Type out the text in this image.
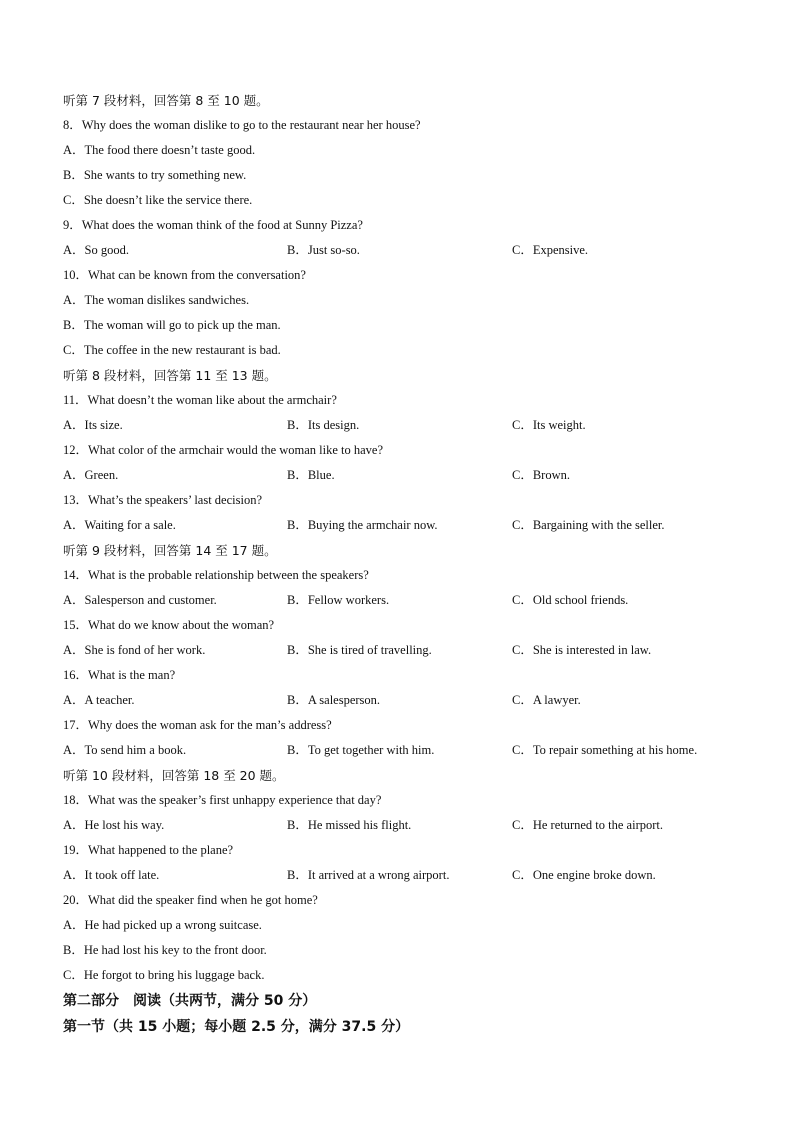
听第 7 段材料，回答第 8 至 10 题。
8．Why does the woman dislike to go to the restaurant near her house?
A．The food there doesn’t taste good.
B．She wants to try something new.
C．She doesn’t like the service there.
9．What does the woman think of the food at Sunny Pizza?
A．So good.	B．Just so-so.	C．Expensive.
10．What can be known from the conversation?
A．The woman dislikes sandwiches.
B．The woman will go to pick up the man.
C．The coffee in the new restaurant is bad.
听第 8 段材料，回答第 11 至 13 题。
11．What doesn’t the woman like about the armchair?
A．Its size.	B．Its design.	C．Its weight.
12．What color of the armchair would the woman like to have?
A．Green.	B．Blue.	C．Brown.
13．What’s the speakers’ last decision?
A．Waiting for a sale.	B．Buying the armchair now.	C．Bargaining with the seller.
听第 9 段材料，回答第 14 至 17 题。
14．What is the probable relationship between the speakers?
A．Salesperson and customer.	B．Fellow workers.	C．Old school friends.
15．What do we know about the woman?
A．She is fond of her work.	B．She is tired of travelling.	C．She is interested in law.
16．What is the man?
A．A teacher.	B．A salesperson.	C．A lawyer.
17．Why does the woman ask for the man’s address?
A．To send him a book.	B．To get together with him.	C．To repair something at his home.
听第 10 段材料，回答第 18 至 20 题。
18．What was the speaker’s first unhappy experience that day?
A．He lost his way.	B．He missed his flight.	C．He returned to the airport.
19．What happened to the plane?
A．It took off late.	B．It arrived at a wrong airport.	C．One engine broke down.
20．What did the speaker find when he got home?
A．He had picked up a wrong suitcase.
B．He had lost his key to the front door.
C．He forgot to bring his luggage back.
第二部分　阅读（共两节，满分 50 分）
第一节（共 15 小题；每小题 2.5 分，满分 37.5 分）
